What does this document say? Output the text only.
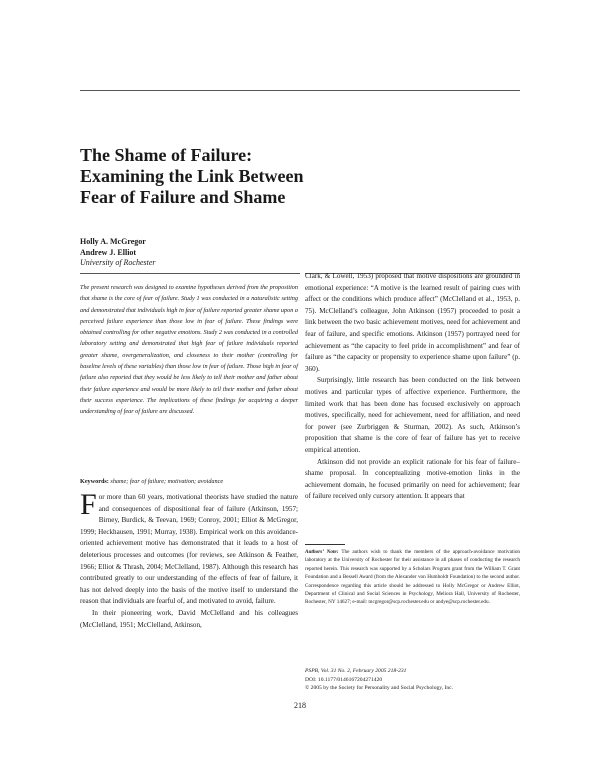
The Shame of Failure:
Examining the Link Between
Fear of Failure and Shame
Holly A. McGregor
Andrew J. Elliot
University of Rochester

The present research was designed to examine hypotheses derived from the proposition that shame is the core of fear of failure. Study 1 was conducted in a naturalistic setting and demonstrated that individuals high in fear of failure reported greater shame upon a perceived failure experience than those low in fear of failure. These findings were obtained controlling for other negative emotions. Study 2 was conducted in a controlled laboratory setting and demonstrated that high fear of failure individuals reported greater shame, overgeneralization, and closeness to their mother (controlling for baseline levels of these variables) than those low in fear of failure. Those high in fear of failure also reported that they would be less likely to tell their mother and father about their failure experience and would be more likely to tell their mother and father about their success experience. The implications of these findings for acquiring a deeper understanding of fear of failure are discussed.

Keywords: shame; fear of failure; motivation; avoidance

For more than 60 years, motivational theorists have studied the nature and consequences of dispositional fear of failure (Atkinson, 1957; Birney, Burdick, & Teevan, 1969; Conroy, 2001; Elliot & McGregor, 1999; Heckhausen, 1991; Murray, 1938). Empirical work on this avoidance-oriented achievement motive has demonstrated that it leads to a host of deleterious processes and outcomes (for reviews, see Atkinson & Feather, 1966; Elliot & Thrash, 2004; McClelland, 1987). Although this research has contributed greatly to our understanding of the effects of fear of failure, it has not delved deeply into the basis of the motive itself to understand the reason that individuals are fearful of, and motivated to avoid, failure.

In their pioneering work, David McClelland and his colleagues (McClelland, 1951; McClelland, Atkinson,

Clark, & Lowell, 1953) proposed that motive dispositions are grounded in emotional experience: “A motive is the learned result of pairing cues with affect or the conditions which produce affect” (McClelland et al., 1953, p. 75). McClelland’s colleague, John Atkinson (1957) proceeded to posit a link between the two basic achievement motives, need for achievement and fear of failure, and specific emotions. Atkinson (1957) portrayed need for achievement as “the capacity to feel pride in accomplishment” and fear of failure as “the capacity or propensity to experience shame upon failure” (p. 360).

Surprisingly, little research has been conducted on the link between motives and particular types of affective experience. Furthermore, the limited work that has been done has focused exclusively on approach motives, specifically, need for achievement, need for affiliation, and need for power (see Zurbriggen & Sturman, 2002). As such, Atkinson’s proposition that shame is the core of fear of failure has yet to receive empirical attention.

Atkinson did not provide an explicit rationale for his fear of failure–shame proposal. In conceptualizing motive-emotion links in the achievement domain, he focused primarily on need for achievement; fear of failure received only cursory attention. It appears that

Authors’ Note: The authors wish to thank the members of the approach-avoidance motivation laboratory at the University of Rochester for their assistance in all phases of conducting the research reported herein. This research was supported by a Scholars Program grant from the William T. Grant Foundation and a Bessell Award (from the Alexander von Humboldt Foundation) to the second author. Correspondence regarding this article should be addressed to Holly McGregor or Andrew Elliot, Department of Clinical and Social Sciences in Psychology, Meliora Hall, University of Rochester, Rochester, NY 14627; e-mail: mcgregor@scp.rochester.edu or andye@scp.rochester.edu.

PSPB, Vol. 31 No. 2, February 2005 218-231
DOI: 10.1177/0146167204271420
© 2005 by the Society for Personality and Social Psychology, Inc.
218
